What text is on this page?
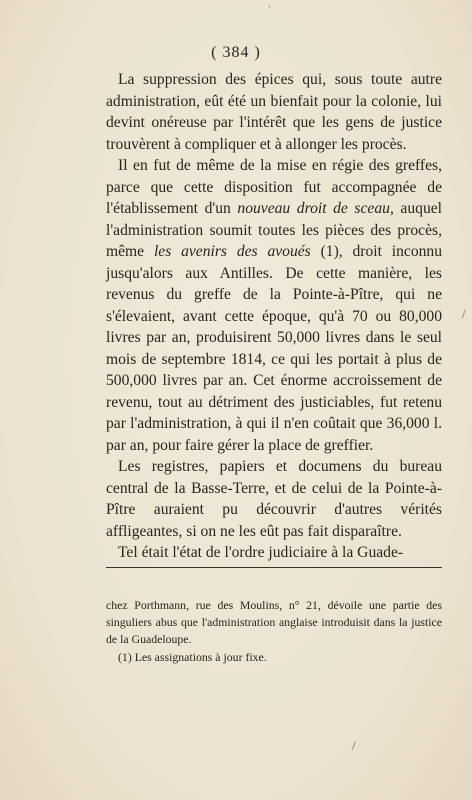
( 384 )

La suppression des épices qui, sous toute autre administration, eût été un bienfait pour la colonie, lui devint onéreuse par l'intérêt que les gens de justice trouvèrent à compliquer et à allonger les procès.

Il en fut de même de la mise en régie des greffes, parce que cette disposition fut accompagnée de l'établissement d'un nouveau droit de sceau, auquel l'administration soumit toutes les pièces des procès, même les avenirs des avoués (1), droit inconnu jusqu'alors aux Antilles. De cette manière, les revenus du greffe de la Pointe-à-Pître, qui ne s'élevaient, avant cette époque, qu'à 70 ou 80,000 livres par an, produisirent 50,000 livres dans le seul mois de septembre 1814, ce qui les portait à plus de 500,000 livres par an. Cet énorme accroissement de revenu, tout au détriment des justiciables, fut retenu par l'administration, à qui il n'en coûtait que 36,000 l. par an, pour faire gérer la place de greffier.

Les registres, papiers et documens du bureau central de la Basse-Terre, et de celui de la Pointe-à-Pître auraient pu découvrir d'autres vérités affligeantes, si on ne les eût pas fait disparaître.

Tel était l'état de l'ordre judiciaire à la Guade-

chez Porthmann, rue des Moulins, n° 21, dévoile une partie des singuliers abus que l'administration anglaise introduisit dans la justice de la Guadeloupe.

(1) Les assignations à jour fixe.

/
/
’
